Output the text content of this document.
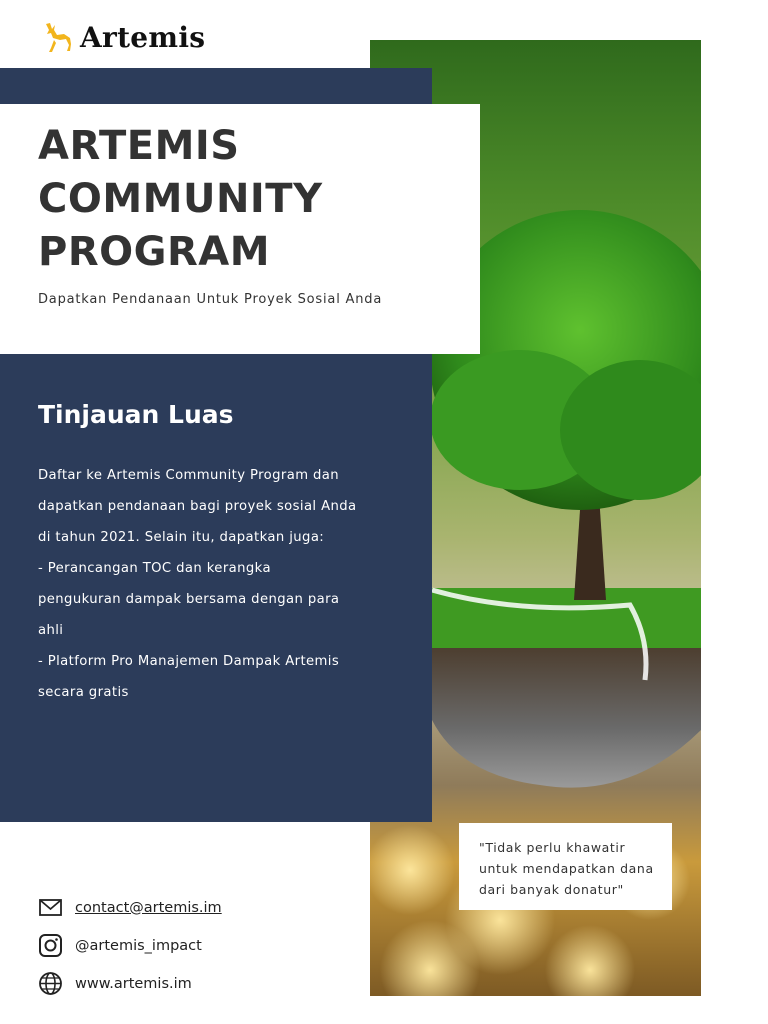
Artemis
ARTEMIS
COMMUNITY
PROGRAM
Dapatkan Pendanaan Untuk Proyek Sosial Anda
Tinjauan Luas
Daftar ke Artemis Community Program dan
dapatkan pendanaan bagi proyek sosial Anda
di tahun 2021. Selain itu, dapatkan juga:
- Perancangan TOC dan kerangka
pengukuran dampak bersama dengan para
ahli
- Platform Pro Manajemen Dampak Artemis
secara gratis
"Tidak perlu khawatir
untuk mendapatkan dana
dari banyak donatur"
contact@artemis.im
@artemis_impact
www.artemis.im
